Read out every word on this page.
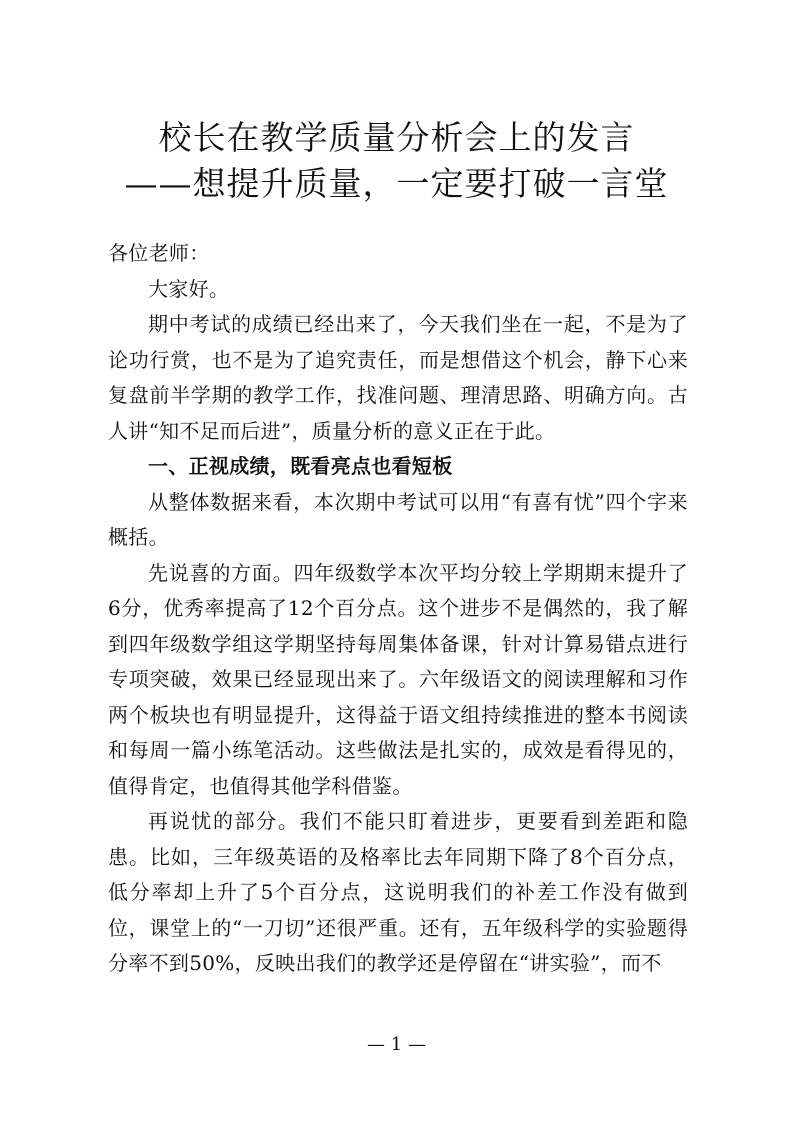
校长在教学质量分析会上的发言
——想提升质量，一定要打破一言堂

各位老师：

大家好。

期中考试的成绩已经出来了，今天我们坐在一起，不是为了论功行赏，也不是为了追究责任，而是想借这个机会，静下心来复盘前半学期的教学工作，找准问题、理清思路、明确方向。古人讲“知不足而后进”，质量分析的意义正在于此。

一、正视成绩，既看亮点也看短板

从整体数据来看，本次期中考试可以用“有喜有忧”四个字来概括。

先说喜的方面。四年级数学本次平均分较上学期期末提升了6分，优秀率提高了12个百分点。这个进步不是偶然的，我了解到四年级数学组这学期坚持每周集体备课，针对计算易错点进行专项突破，效果已经显现出来了。六年级语文的阅读理解和习作两个板块也有明显提升，这得益于语文组持续推进的整本书阅读和每周一篇小练笔活动。这些做法是扎实的，成效是看得见的，值得肯定，也值得其他学科借鉴。

再说忧的部分。我们不能只盯着进步，更要看到差距和隐患。比如，三年级英语的及格率比去年同期下降了8个百分点，低分率却上升了5个百分点，这说明我们的补差工作没有做到位，课堂上的“一刀切”还很严重。还有，五年级科学的实验题得分率不到50%，反映出我们的教学还是停留在“讲实验”，而不

— 1 —
